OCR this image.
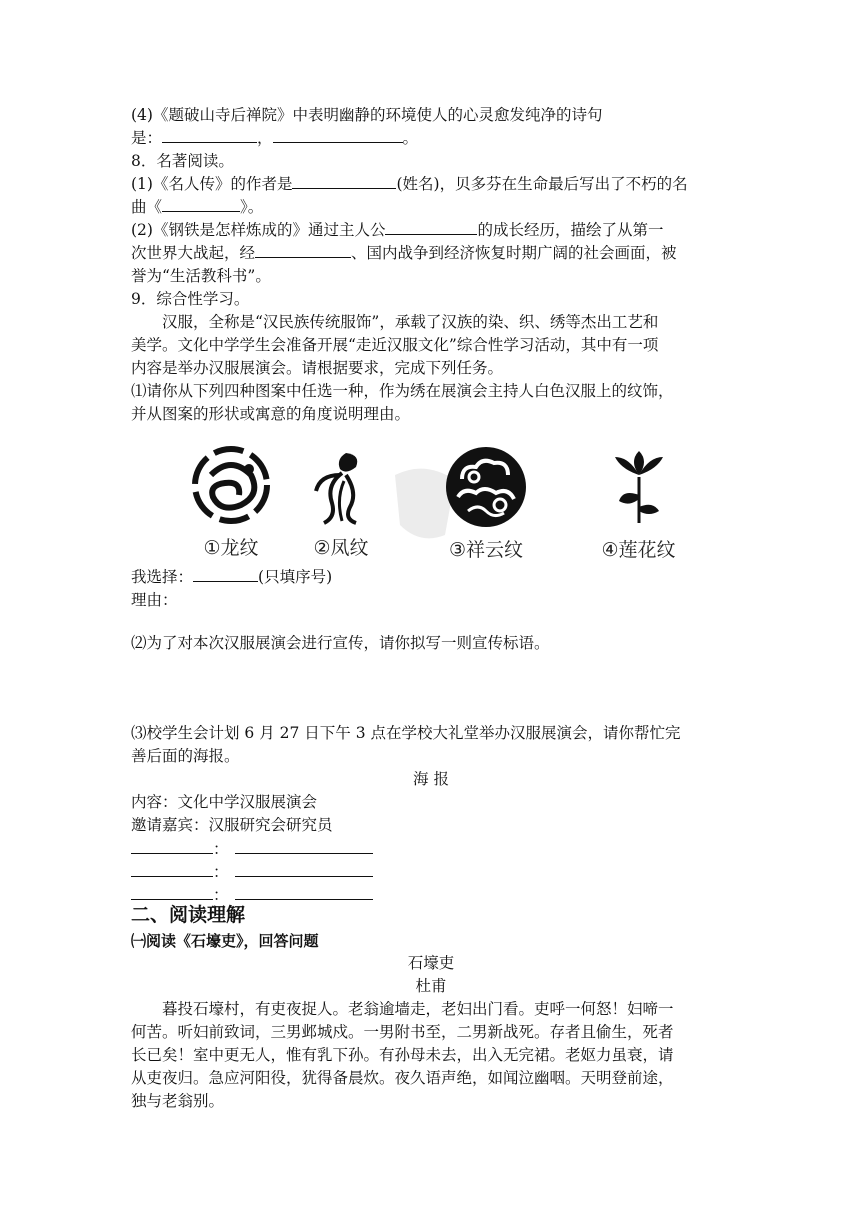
(4)《题破山寺后禅院》中表明幽静的环境使人的心灵愈发纯净的诗句
是：	，	。
8．名著阅读。
(1)《名人传》的作者是	(姓名)，贝多芬在生命最后写出了不朽的名
曲《	》。
(2)《钢铁是怎样炼成的》通过主人公	的成长经历，描绘了从第一
次世界大战起，经	、国内战争到经济恢复时期广阔的社会画面，被
誉为“生活教科书”。
9．综合性学习。
汉服，全称是“汉民族传统服饰”，承载了汉族的染、织、绣等杰出工艺和
美学。文化中学学生会准备开展“走近汉服文化”综合性学习活动，其中有一项
内容是举办汉服展演会。请根据要求，完成下列任务。
⑴请你从下列四种图案中任选一种，作为绣在展演会主持人白色汉服上的纹饰，
并从图案的形状或寓意的角度说明理由。
我选择：	(只填序号)
理由：
⑵为了对本次汉服展演会进行宣传，请你拟写一则宣传标语。
⑶校学生会计划 6 月 27 日下午 3 点在学校大礼堂举办汉服展演会，请你帮忙完
善后面的海报。
海 报
内容：文化中学汉服展演会
邀请嘉宾：汉服研究会研究员
：
：
：
二、阅读理解
㈠阅读《石壕吏》，回答问题
石壕吏
杜甫
暮投石壕村，有吏夜捉人。老翁逾墙走，老妇出门看。吏呼一何怒！妇啼一
何苦。听妇前致词，三男邺城戍。一男附书至，二男新战死。存者且偷生，死者
长已矣！室中更无人，惟有乳下孙。有孙母未去，出入无完裙。老妪力虽衰，请
从吏夜归。急应河阳役，犹得备晨炊。夜久语声绝，如闻泣幽咽。天明登前途，
独与老翁别。
①龙纹	②凤纹	③祥云纹	④莲花纹
